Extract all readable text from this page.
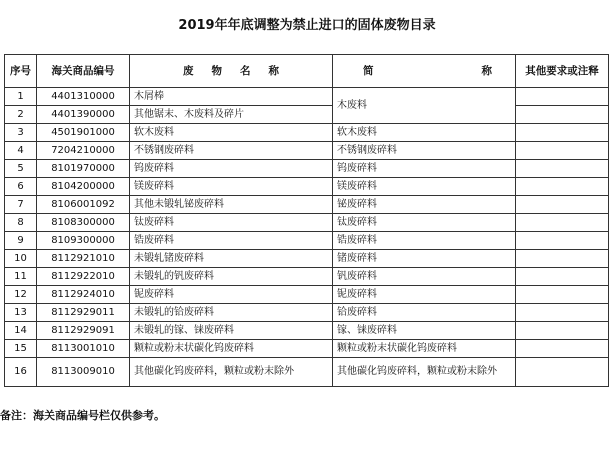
2019年年底调整为禁止进口的固体废物目录
序号	海关商品编号	废物名称	简 称	其他要求或注释
1	4401310000	木屑棒	木废料	
2	4401390000	其他锯末、木废料及碎片		
3	4501901000	软木废料	软木废料	
4	7204210000	不锈钢废碎料	不锈钢废碎料	
5	8101970000	钨废碎料	钨废碎料	
6	8104200000	镁废碎料	镁废碎料	
7	8106001092	其他未锻轧铋废碎料	铋废碎料	
8	8108300000	钛废碎料	钛废碎料	
9	8109300000	锆废碎料	锆废碎料	
10	8112921010	未锻轧锗废碎料	锗废碎料	
11	8112922010	未锻轧的钒废碎料	钒废碎料	
12	8112924010	铌废碎料	铌废碎料	
13	8112929011	未锻轧的铪废碎料	铪废碎料	
14	8112929091	未锻轧的镓、铼废碎料	镓、铼废碎料	
15	8113001010	颗粒或粉末状碳化钨废碎料	颗粒或粉末状碳化钨废碎料	
16	8113009010	其他碳化钨废碎料，颗粒或粉末除外	其他碳化钨废碎料，颗粒或粉末除外	
备注：海关商品编号栏仅供参考。
